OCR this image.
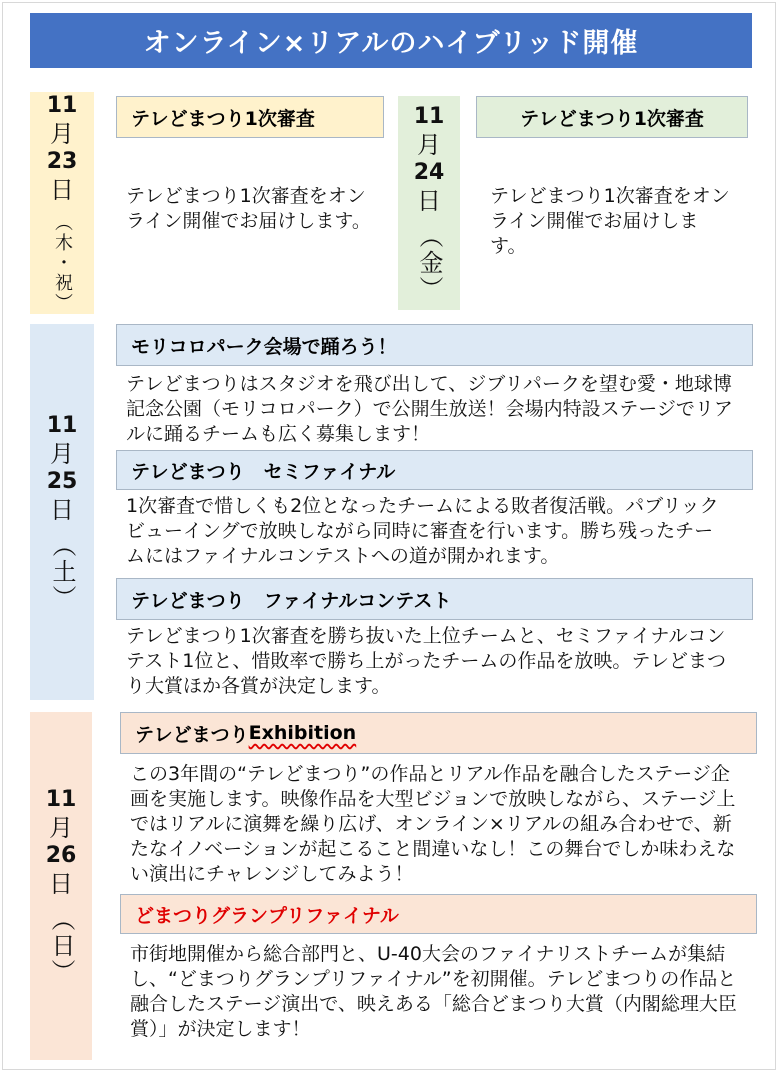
オンライン×リアルのハイブリッド開催
11
月
23
日
（木・祝）
テレどまつり1次審査

テレどまつり1次審査をオンライン開催でお届けします。

11
月
24
日
（金）
テレどまつり1次審査

テレどまつり1次審査をオンライン開催でお届けします。

11
月
25
日
（土）
モリコロパーク会場で踊ろう！

テレどまつりはスタジオを飛び出して、ジブリパークを望む愛・地球博記念公園（モリコロパーク）で公開生放送！会場内特設ステージでリアルに踊るチームも広く募集します！

テレどまつり　セミファイナル

1次審査で惜しくも2位となったチームによる敗者復活戦。パブリックビューイングで放映しながら同時に審査を行います。勝ち残ったチームにはファイナルコンテストへの道が開かれます。

テレどまつり　ファイナルコンテスト

テレどまつり1次審査を勝ち抜いた上位チームと、セミファイナルコンテスト1位と、惜敗率で勝ち上がったチームの作品を放映。テレどまつり大賞ほか各賞が決定します。

11
月
26
日
（日）
テレどまつり Exhibition

この3年間の“テレどまつり”の作品とリアル作品を融合したステージ企画を実施します。映像作品を大型ビジョンで放映しながら、ステージ上ではリアルに演舞を繰り広げ、オンライン×リアルの組み合わせで、新たなイノベーションが起こること間違いなし！この舞台でしか味わえない演出にチャレンジしてみよう！

どまつりグランプリファイナル

市街地開催から総合部門と、U-40大会のファイナリストチームが集結し、“どまつりグランプリファイナル”を初開催。テレどまつりの作品と融合したステージ演出で、映えある「総合どまつり大賞（内閣総理大臣賞）」が決定します！
